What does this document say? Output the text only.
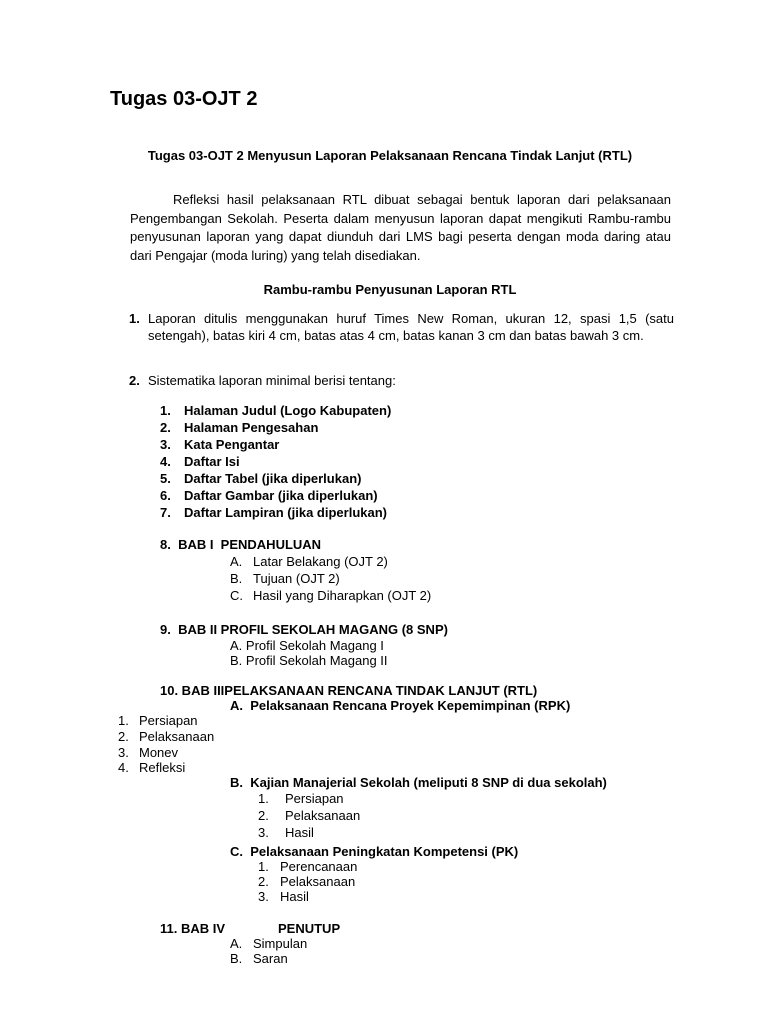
Tugas 03-OJT 2
Tugas 03-OJT 2 Menyusun Laporan Pelaksanaan Rencana Tindak Lanjut (RTL)
Refleksi hasil pelaksanaan RTL dibuat sebagai bentuk laporan dari pelaksanaan Pengembangan Sekolah. Peserta dalam menyusun laporan dapat mengikuti Rambu-rambu penyusunan laporan yang dapat diunduh dari LMS bagi peserta dengan moda daring atau dari Pengajar (moda luring) yang telah disediakan.
Rambu-rambu Penyusunan Laporan RTL
1. Laporan ditulis menggunakan huruf Times New Roman, ukuran 12, spasi 1,5 (satu setengah), batas kiri 4 cm, batas atas 4 cm, batas kanan 3 cm dan batas bawah 3 cm.
2. Sistematika laporan minimal berisi tentang:
1. Halaman Judul (Logo Kabupaten)
2. Halaman Pengesahan
3. Kata Pengantar
4. Daftar Isi
5. Daftar Tabel (jika diperlukan)
6. Daftar Gambar (jika diperlukan)
7. Daftar Lampiran (jika diperlukan)
8.  BAB I  PENDAHULUAN
A. Latar Belakang (OJT 2)
B. Tujuan (OJT 2)
C. Hasil yang Diharapkan (OJT 2)
9.  BAB II PROFIL SEKOLAH MAGANG (8 SNP)
A. Profil Sekolah Magang I
B. Profil Sekolah Magang II
10. BAB IIIPELAKSANAAN RENCANA TINDAK LANJUT (RTL)
A.  Pelaksanaan Rencana Proyek Kepemimpinan (RPK)
1. Persiapan
2. Pelaksanaan
3. Monev
4. Refleksi
B.  Kajian Manajerial Sekolah (meliputi 8 SNP di dua sekolah)
1. Persiapan
2. Pelaksanaan
3. Hasil
C.  Pelaksanaan Peningkatan Kompetensi (PK)
1. Perencanaan
2. Pelaksanaan
3. Hasil
11. BAB IV	PENUTUP
A. Simpulan
B. Saran
